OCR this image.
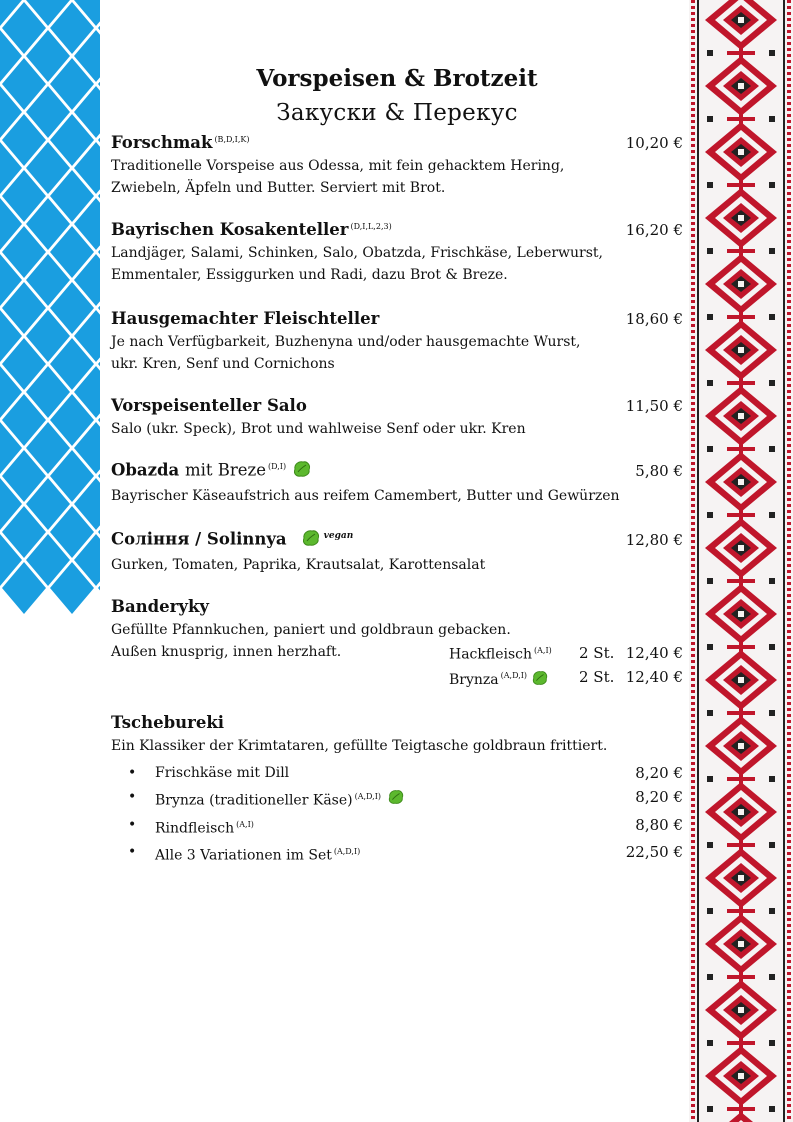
Vorspeisen & Brotzeit
Закуски & Перекус
Forschmak $^{(B,D,I,K)}$	10,20 €
Traditionelle Vorspeise aus Odessa, mit fein gehacktem Hering,
Zwiebeln, Äpfeln und Butter. Serviert mit Brot.
Bayrischen Kosakenteller $^{(D,I,L,2,3)}$	16,20 €
Landjäger, Salami, Schinken, Salo, Obatzda, Frischkäse, Leberwurst,
Emmentaler, Essiggurken und Radi, dazu Brot & Breze.
Hausgemachter Fleischteller	18,60 €
Je nach Verfügbarkeit, Buzhenyna und/oder hausgemachte Wurst,
ukr. Kren, Senf und Cornichons
Vorspeisenteller Salo	11,50 €
Salo (ukr. Speck), Brot und wahlweise Senf oder ukr. Kren
Obazda mit Breze $^{(D,I)}$	5,80 €
Bayrischer Käseaufstrich aus reifem Camembert, Butter und Gewürzen
Соління / Solinnya	$^{vegan}$	12,80 €
Gurken, Tomaten, Paprika, Krautsalat, Karottensalat
Banderyky
Gefüllte Pfannkuchen, paniert und goldbraun gebacken.
Außen knusprig, innen herzhaft.	Hackfleisch $^{(A,I)}$ 2 St. 12,40 €
Brynza $^{(A,D,I)}$	2 St. 12,40 €
Tschebureki
Ein Klassiker der Krimtataren, gefüllte Teigtasche goldbraun frittiert.
• Frischkäse mit Dill	8,20 €
• Brynza (traditioneller Käse) $^{(A,D,I)}$	8,20 €
• Rindfleisch $^{(A,I)}$	8,80 €
• Alle 3 Variationen im Set $^{(A,D,I)}$	22,50 €
